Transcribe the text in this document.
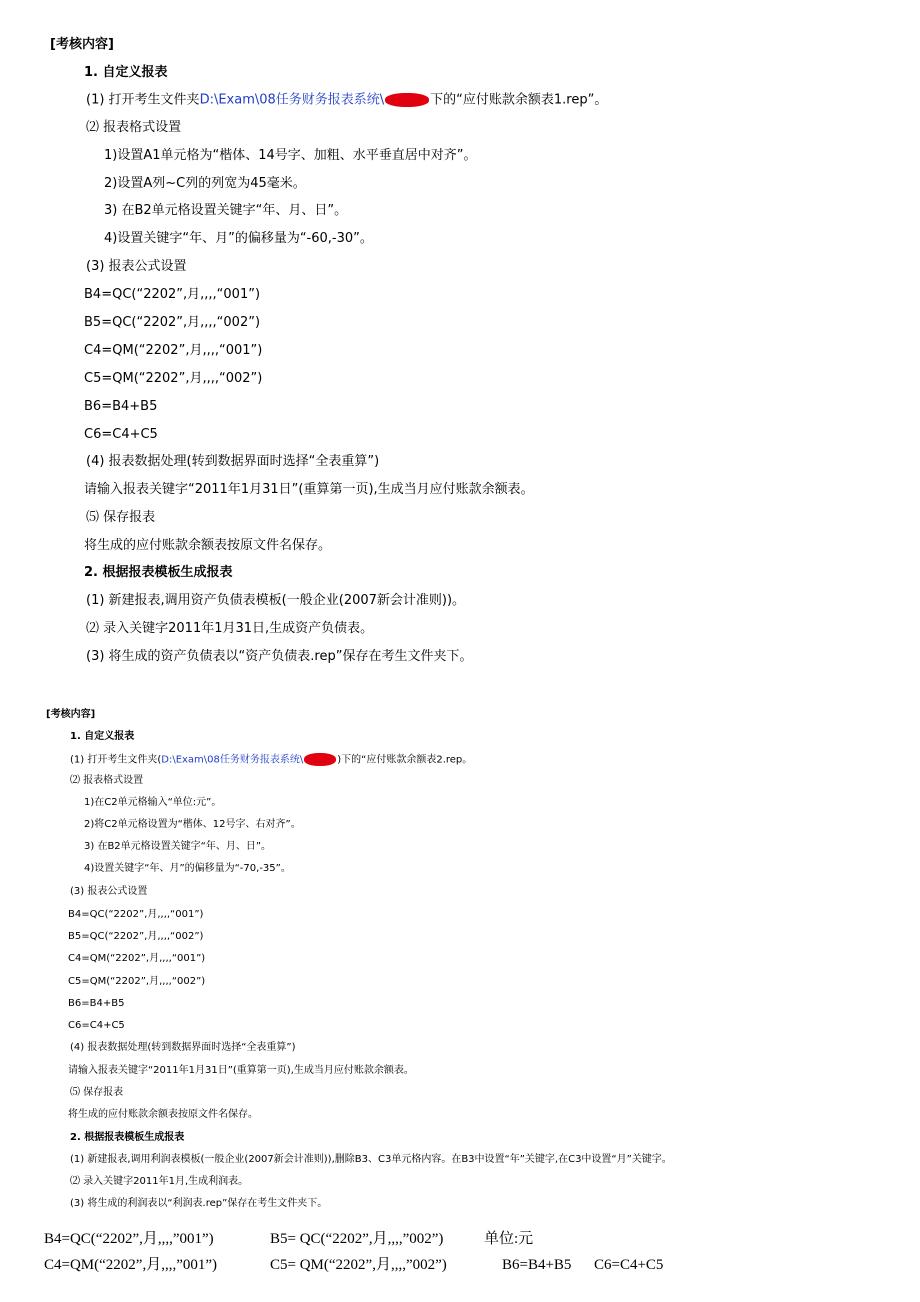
[考核内容]
1. 自定义报表
(1) 打开考生文件夹D:\Exam\08任务财务报表系统\	下的“应付账款余额表1.rep”。
⑵ 报表格式设置
1)设置A1单元格为“楷体、14号字、加粗、水平垂直居中对齐”。
2)设置A列~C列的列宽为45毫米。
3) 在B2单元格设置关键字“年、月、日”。
4)设置关键字“年、月”的偏移量为“-60,-30”。
(3) 报表公式设置
B4=QC(“2202”,月,,,,“001”)
B5=QC(“2202”,月,,,,“002”)
C4=QM(“2202”,月,,,,“001”)
C5=QM(“2202”,月,,,,“002”)
B6=B4+B5
C6=C4+C5
(4) 报表数据处理(转到数据界面时选择“全表重算”)
请输入报表关键字“2011年1月31日”(重算第一页),生成当月应付账款余额表。
⑸ 保存报表
将生成的应付账款余额表按原文件名保存。
2. 根据报表模板生成报表
(1) 新建报表,调用资产负债表模板(一般企业(2007新会计准则))。
⑵ 录入关键字2011年1月31日,生成资产负债表。
(3) 将生成的资产负债表以“资产负债表.rep”保存在考生文件夹下。
[考核内容]
1. 自定义报表
(1) 打开考生文件夹(D:\Exam\08任务财务报表系统\	)下的“应付账款余额表2.rep。
⑵ 报表格式设置
1)在C2单元格输入“单位:元”。
2)将C2单元格设置为“楷体、12号字、右对齐”。
3) 在B2单元格设置关键字“年、月、日”。
4)设置关键字“年、月”的偏移量为“-70,-35”。
(3) 报表公式设置
B4=QC(“2202”,月,,,,“001”)
B5=QC(“2202”,月,,,,“002”)
C4=QM(“2202”,月,,,,“001”)
C5=QM(“2202”,月,,,,“002”)
B6=B4+B5
C6=C4+C5
(4) 报表数据处理(转到数据界面时选择“全表重算”)
请输入报表关键字“2011年1月31日”(重算第一页),生成当月应付账款余额表。
⑸ 保存报表
将生成的应付账款余额表按原文件名保存。
2. 根据报表模板生成报表
(1) 新建报表,调用利润表模板(一般企业(2007新会计准则)),删除B3、C3单元格内容。在B3中设置“年”关键字,在C3中设置“月”关键字。
⑵ 录入关键字2011年1月,生成利润表。
(3) 将生成的利润表以“利润表.rep”保存在考生文件夹下。
B4=QC(“2202”,月,,,,”001”)	B5= QC(“2202”,月,,,,”002”)	单位:元
C4=QM(“2202”,月,,,,”001”)	C5= QM(“2202”,月,,,,”002”)	B6=B4+B5 C6=C4+C5
